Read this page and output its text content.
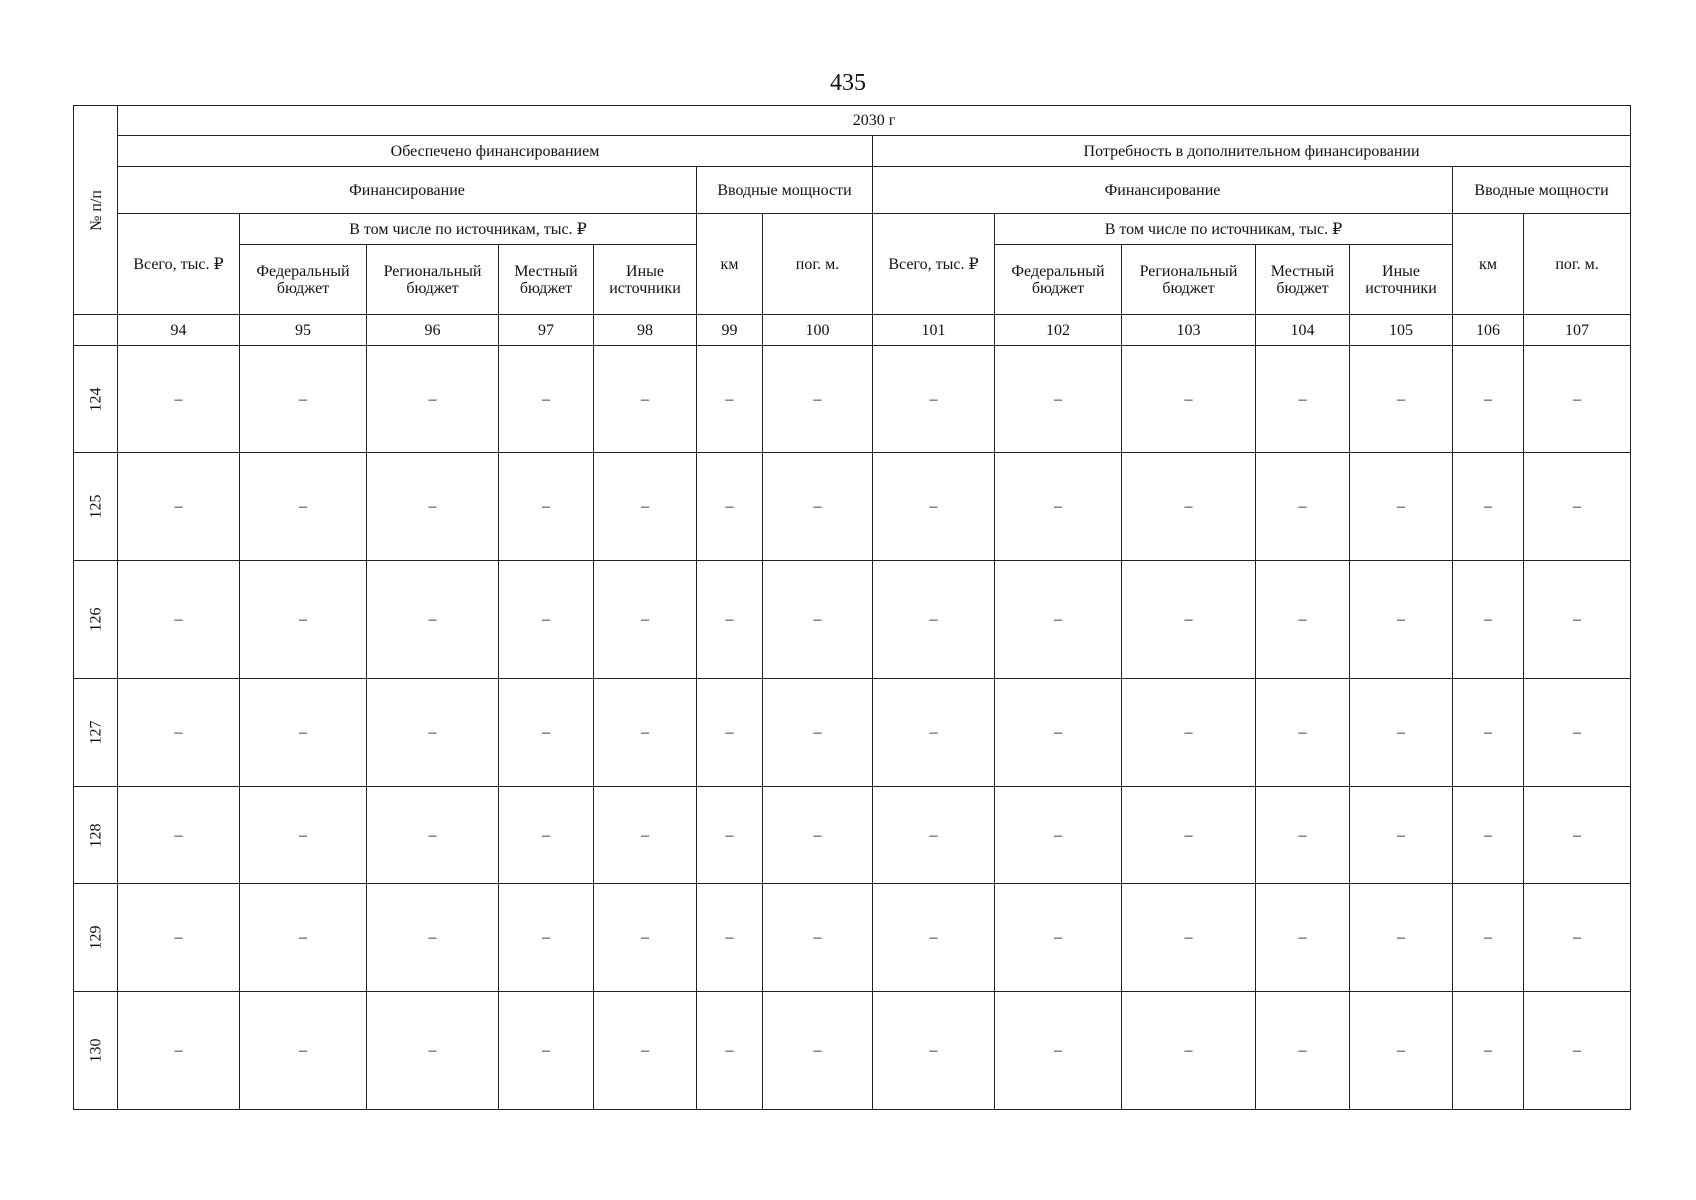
435
№ п/п	2030 г													
	Обеспечено финансированием							Потребность в дополнительном финансировании						
	Финансирование					Вводные мощности		Финансирование					Вводные мощности	
	Всего, тыс. ₽	В том числе по источникам, тыс. ₽				км	пог. м.	Всего, тыс. ₽	В том числе по источникам, тыс. ₽				км	пог. м.
		Федеральный бюджет	Региональный бюджет	Местный бюджет	Иные источники				Федеральный бюджет	Региональный бюджет	Местный бюджет	Иные источники		
	94	95	96	97	98	99	100	101	102	103	104	105	106	107
124	–	–	–	–	–	–	–	–	–	–	–	–	–	–
125	–	–	–	–	–	–	–	–	–	–	–	–	–	–
126	–	–	–	–	–	–	–	–	–	–	–	–	–	–
127	–	–	–	–	–	–	–	–	–	–	–	–	–	–
128	–	–	–	–	–	–	–	–	–	–	–	–	–	–
129	–	–	–	–	–	–	–	–	–	–	–	–	–	–
130	–	–	–	–	–	–	–	–	–	–	–	–	–	–
